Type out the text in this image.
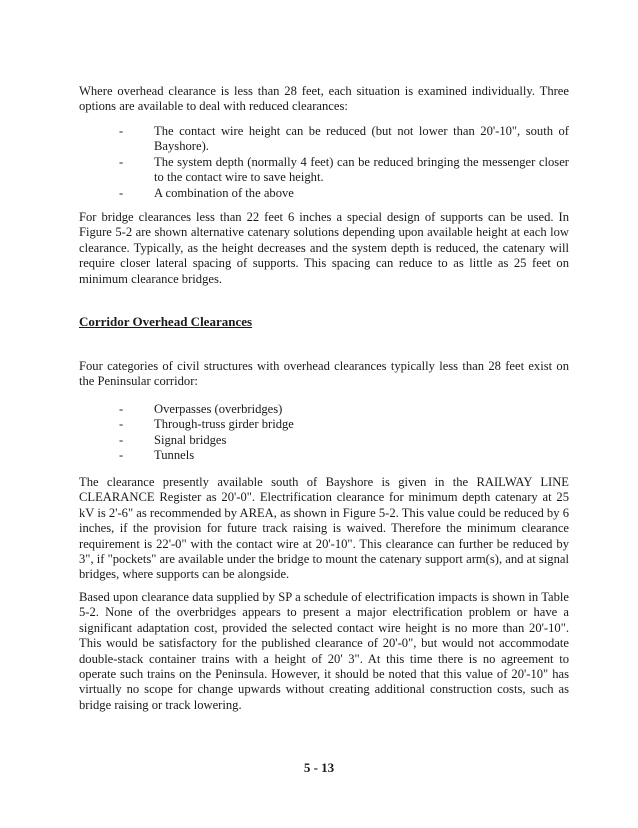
Where overhead clearance is less than 28 feet, each situation is examined individually. Three options are available to deal with reduced clearances:

- The contact wire height can be reduced (but not lower than 20'-10", south of Bayshore).
- The system depth (normally 4 feet) can be reduced bringing the messenger closer to the contact wire to save height.
- A combination of the above

For bridge clearances less than 22 feet 6 inches a special design of supports can be used. In Figure 5-2 are shown alternative catenary solutions depending upon available height at each low clearance. Typically, as the height decreases and the system depth is reduced, the catenary will require closer lateral spacing of supports. This spacing can reduce to as little as 25 feet on minimum clearance bridges.

Corridor Overhead Clearances

Four categories of civil structures with overhead clearances typically less than 28 feet exist on the Peninsular corridor:

- Overpasses (overbridges)
- Through-truss girder bridge
- Signal bridges
- Tunnels

The clearance presently available south of Bayshore is given in the RAILWAY LINE CLEARANCE Register as 20'-0". Electrification clearance for minimum depth catenary at 25 kV is 2'-6" as recommended by AREA, as shown in Figure 5-2. This value could be reduced by 6 inches, if the provision for future track raising is waived. Therefore the minimum clearance requirement is 22'-0" with the contact wire at 20'-10". This clearance can further be reduced by 3", if "pockets" are available under the bridge to mount the catenary support arm(s), and at signal bridges, where supports can be alongside.

Based upon clearance data supplied by SP a schedule of electrification impacts is shown in Table 5-2. None of the overbridges appears to present a major electrification problem or have a significant adaptation cost, provided the selected contact wire height is no more than 20'-10". This would be satisfactory for the published clearance of 20'-0", but would not accommodate double-stack container trains with a height of 20' 3". At this time there is no agreement to operate such trains on the Peninsula. However, it should be noted that this value of 20'-10" has virtually no scope for change upwards without creating additional construction costs, such as bridge raising or track lowering.

5 - 13
